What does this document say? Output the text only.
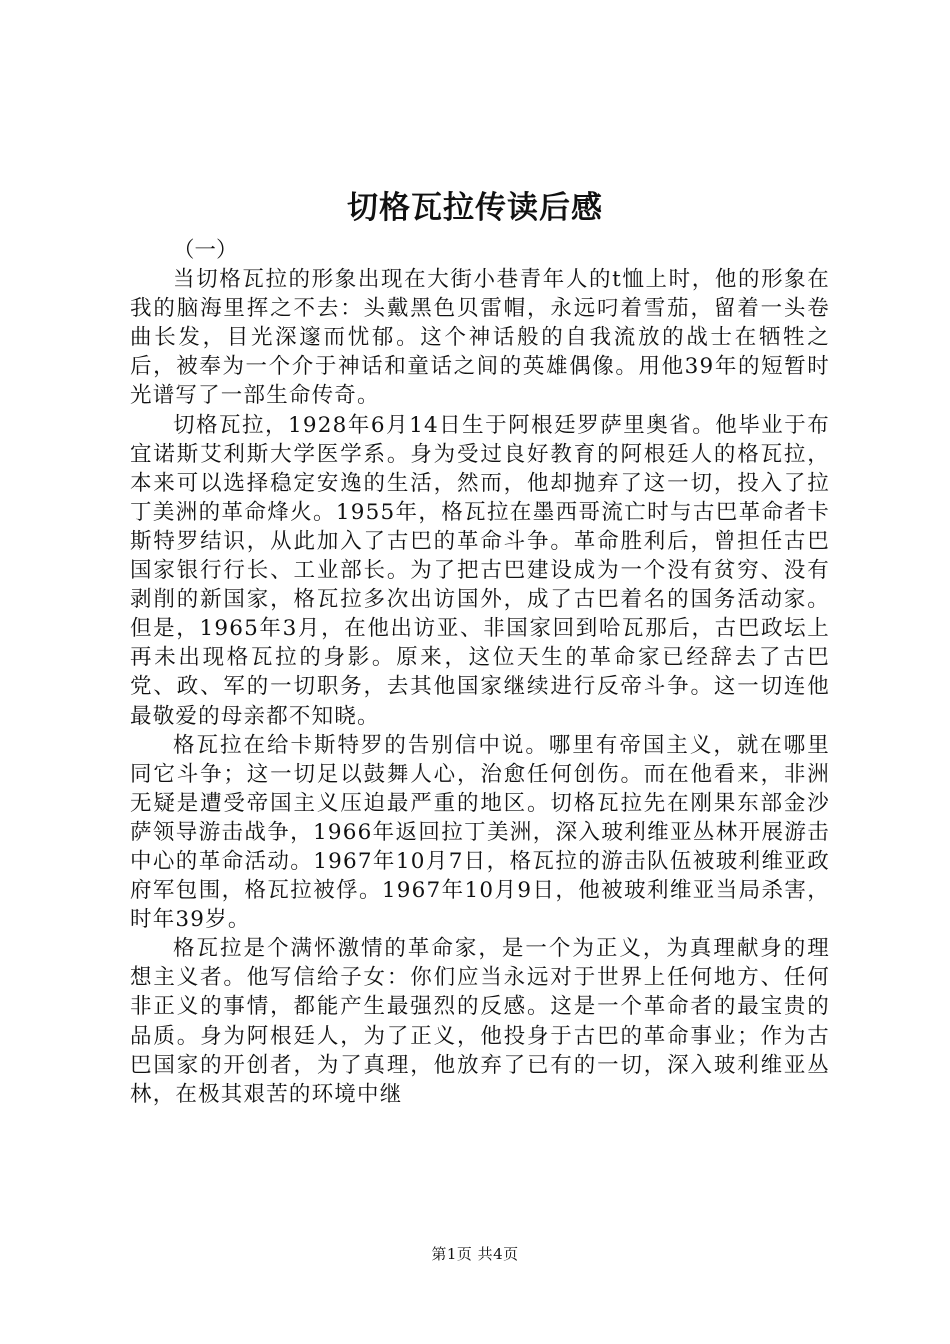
切格瓦拉传读后感
（一）

当切格瓦拉的形象出现在大街小巷青年人的t恤上时，他的形象在我的脑海里挥之不去：头戴黑色贝雷帽，永远叼着雪茄，留着一头卷曲长发，目光深邃而忧郁。这个神话般的自我流放的战士在牺牲之后，被奉为一个介于神话和童话之间的英雄偶像。用他39年的短暂时光谱写了一部生命传奇。

切格瓦拉，1928年6月14日生于阿根廷罗萨里奥省。他毕业于布宜诺斯艾利斯大学医学系。身为受过良好教育的阿根廷人的格瓦拉，本来可以选择稳定安逸的生活，然而，他却抛弃了这一切，投入了拉丁美洲的革命烽火。1955年，格瓦拉在墨西哥流亡时与古巴革命者卡斯特罗结识，从此加入了古巴的革命斗争。革命胜利后，曾担任古巴国家银行行长、工业部长。为了把古巴建设成为一个没有贫穷、没有剥削的新国家，格瓦拉多次出访国外，成了古巴着名的国务活动家。但是，1965年3月，在他出访亚、非国家回到哈瓦那后，古巴政坛上再未出现格瓦拉的身影。原来，这位天生的革命家已经辞去了古巴党、政、军的一切职务，去其他国家继续进行反帝斗争。这一切连他最敬爱的母亲都不知晓。

格瓦拉在给卡斯特罗的告别信中说。哪里有帝国主义，就在哪里同它斗争；这一切足以鼓舞人心，治愈任何创伤。而在他看来，非洲无疑是遭受帝国主义压迫最严重的地区。切格瓦拉先在刚果东部金沙萨领导游击战争，1966年返回拉丁美洲，深入玻利维亚丛林开展游击中心的革命活动。1967年10月7日，格瓦拉的游击队伍被玻利维亚政府军包围，格瓦拉被俘。1967年10月9日，他被玻利维亚当局杀害，时年39岁。

格瓦拉是个满怀激情的革命家，是一个为正义，为真理献身的理想主义者。他写信给子女：你们应当永远对于世界上任何地方、任何非正义的事情，都能产生最强烈的反感。这是一个革命者的最宝贵的品质。身为阿根廷人，为了正义，他投身于古巴的革命事业；作为古巴国家的开创者，为了真理，他放弃了已有的一切，深入玻利维亚丛林，在极其艰苦的环境中继

第1页 共4页
